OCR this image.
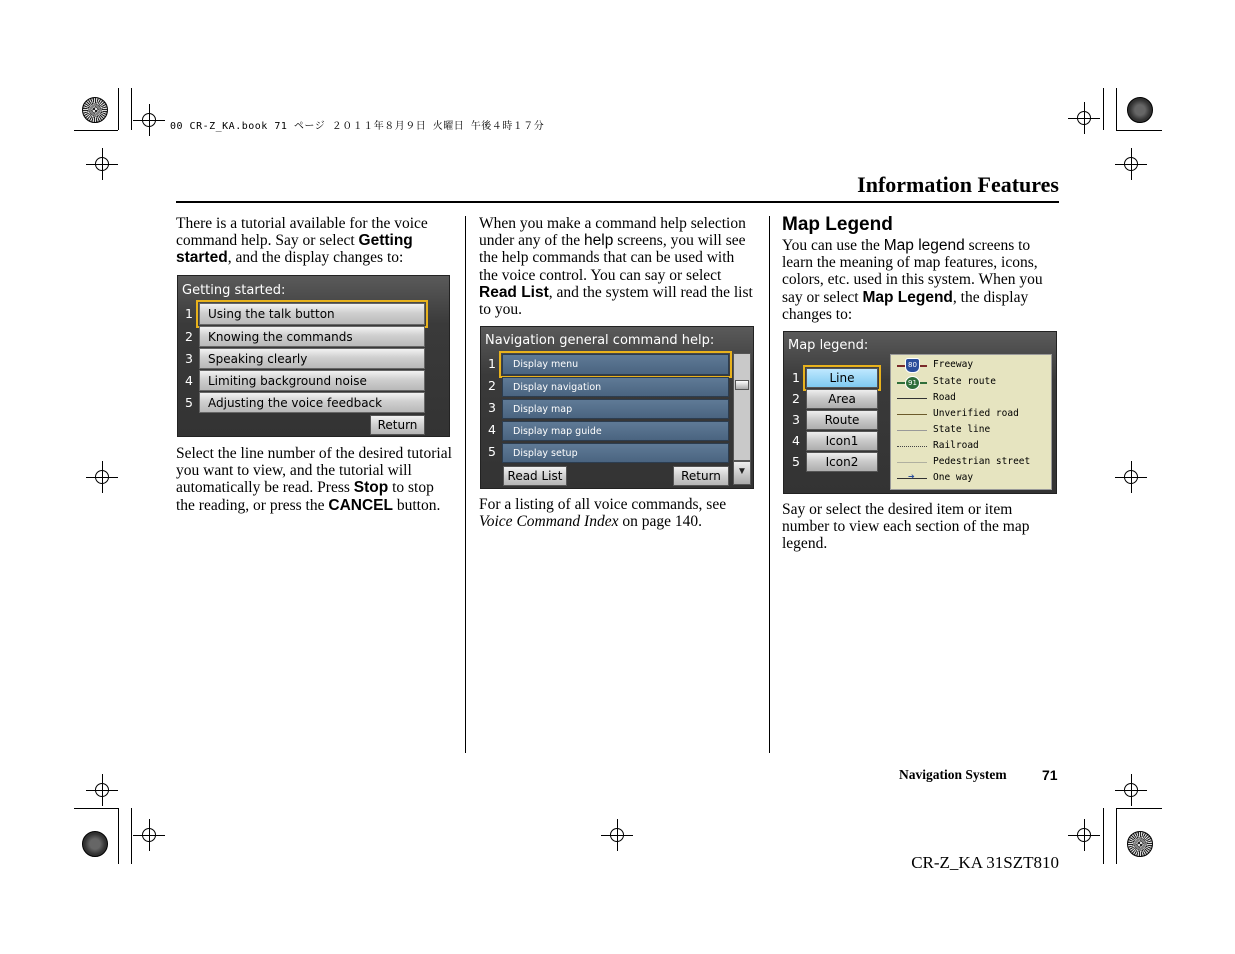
00 CR-Z_KA.book 71 ページ ２０１１年８月９日 火曜日 午後４時１７分
Information Features
There is a tutorial available for the voice command help. Say or select Getting started, and the display changes to:
Getting started:
1	Using the talk button
2	Knowing the commands
3	Speaking clearly
4	Limiting background noise
5	Adjusting the voice feedback
Return
Select the line number of the desired tutorial you want to view, and the tutorial will automatically be read. Press Stop to stop the reading, or press the CANCEL button.
When you make a command help selection under any of the help screens, you will see the help commands that can be used with the voice control. You can say or select Read List, and the system will read the list to you.
Navigation general command help:
1	Display menu
2	Display navigation
3	Display map
4	Display map guide
5	Display setup
Read List	Return	▼
For a listing of all voice commands, see Voice Command Index on page 140.
Map Legend
You can use the Map legend screens to learn the meaning of map features, icons, colors, etc. used in this system. When you say or select Map Legend, the display changes to:
Map legend:
1	Line
2	Area
3	Route
4	Icon1
5	Icon2
80	Freeway
91	State route
Road
Unverified road
State line
Railroad
Pedestrian street
➔ One way
Say or select the desired item or item number to view each section of the map legend.
Navigation System	71
CR-Z_KA 31SZT810
